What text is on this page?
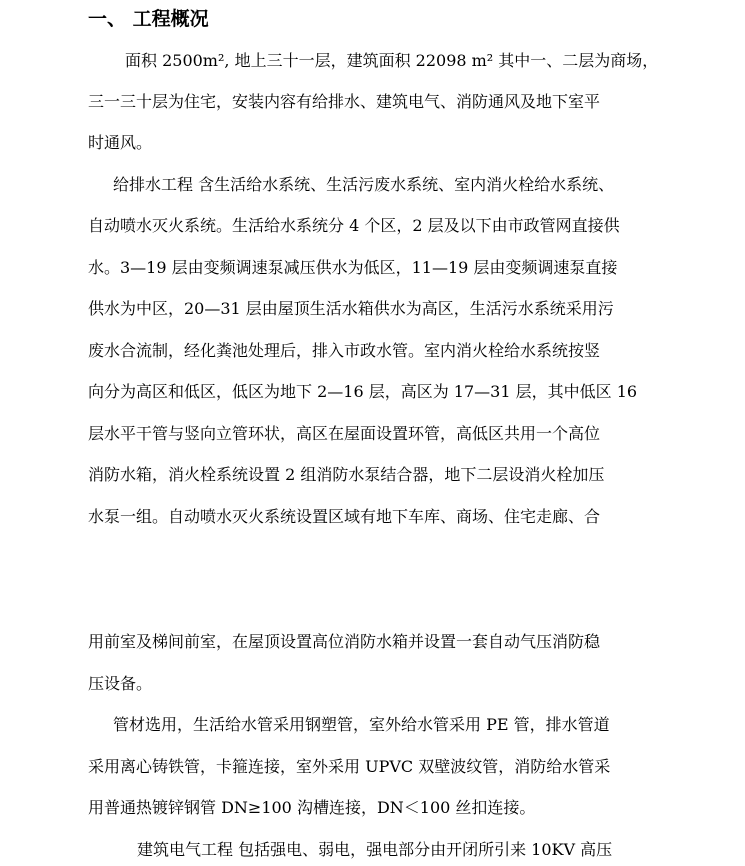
一、 工程概况
面积 2500m², 地上三十一层，建筑面积 22098 m² 其中一、二层为商场，
三一三十层为住宅，安装内容有给排水、建筑电气、消防通风及地下室平
时通风。
给排水工程 含生活给水系统、生活污废水系统、室内消火栓给水系统、
自动喷水灭火系统。生活给水系统分 4 个区，2 层及以下由市政管网直接供
水。3—19 层由变频调速泵减压供水为低区，11—19 层由变频调速泵直接
供水为中区，20—31 层由屋顶生活水箱供水为高区，生活污水系统采用污
废水合流制，经化粪池处理后，排入市政水管。室内消火栓给水系统按竖
向分为高区和低区，低区为地下 2—16 层，高区为 17—31 层，其中低区 16
层水平干管与竖向立管环状，高区在屋面设置环管，高低区共用一个高位
消防水箱，消火栓系统设置 2 组消防水泵结合器，地下二层设消火栓加压
水泵一组。自动喷水灭火系统设置区域有地下车库、商场、住宅走廊、合
用前室及梯间前室，在屋顶设置高位消防水箱并设置一套自动气压消防稳
压设备。
管材选用，生活给水管采用钢塑管，室外给水管采用 PE 管，排水管道
采用离心铸铁管，卡箍连接，室外采用 UPVC 双壁波纹管，消防给水管采
用普通热镀锌钢管 DN≥100 沟槽连接，DN＜100 丝扣连接。
建筑电气工程 包括强电、弱电，强电部分由开闭所引来 10KV 高压
